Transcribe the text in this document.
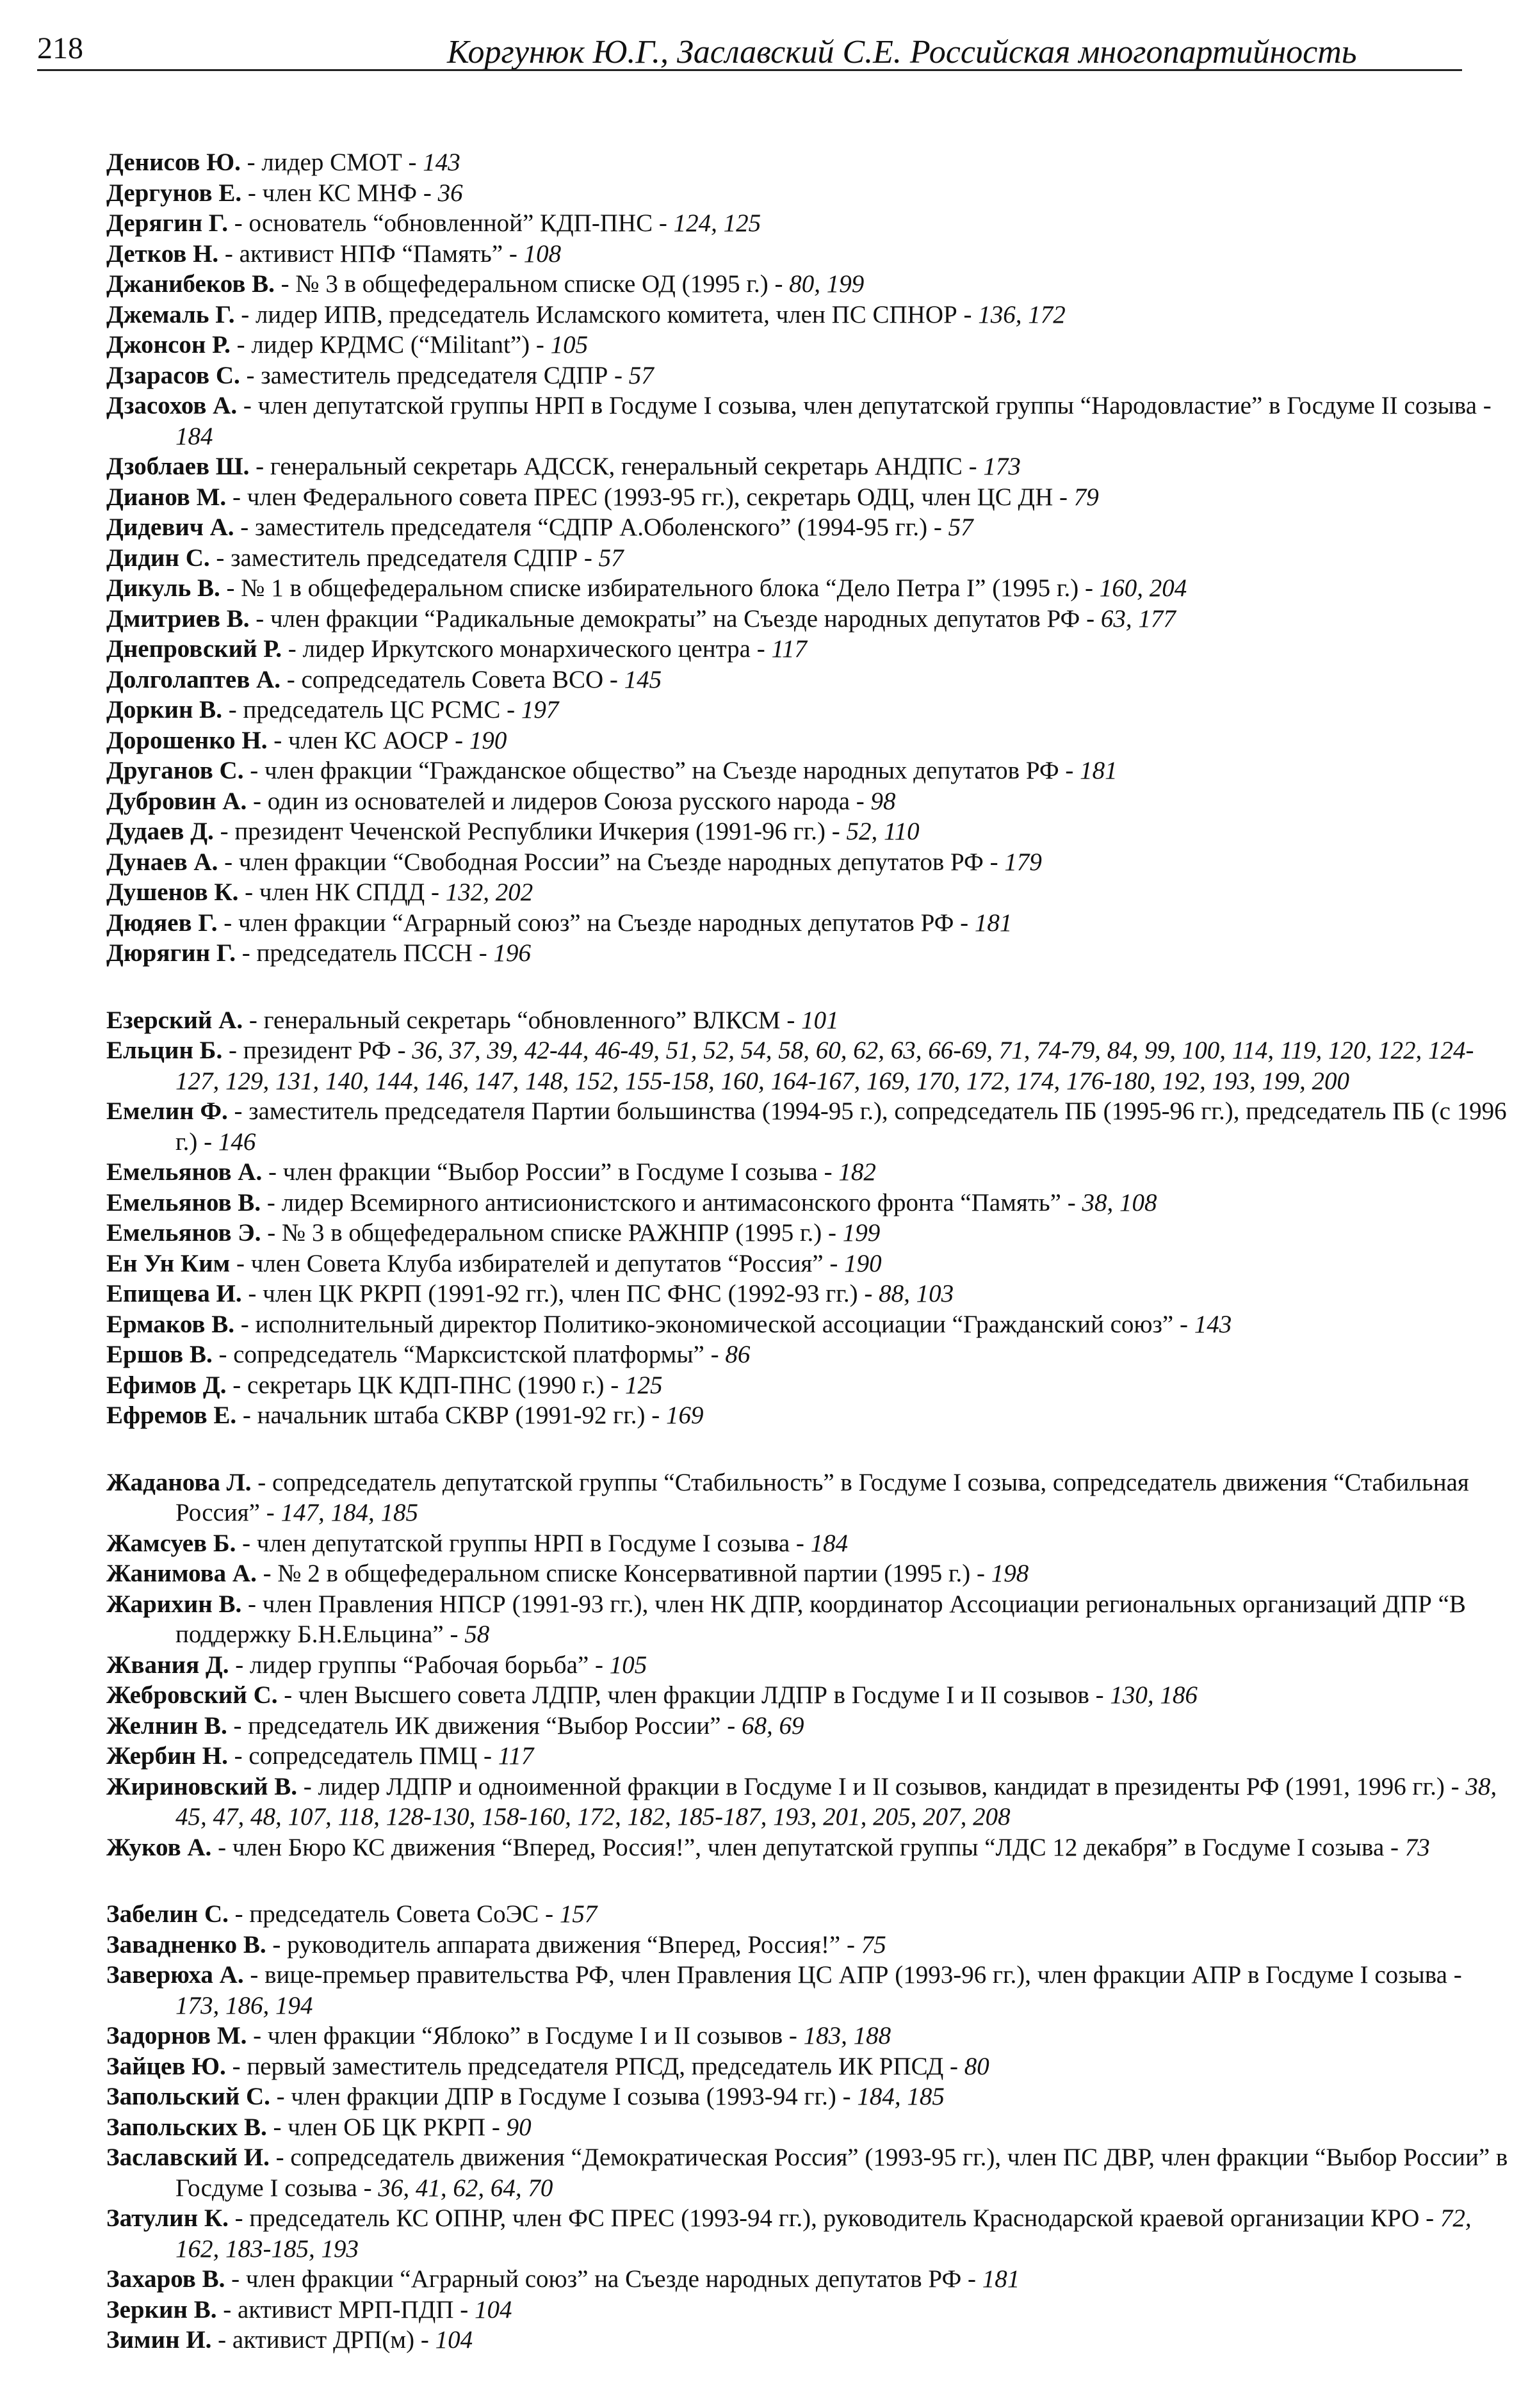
218	Коргунюк Ю.Г., Заславский С.Е. Российская многопартийность
Денисов Ю. - лидер СМОТ - 143
Дергунов Е. - член КС МНФ - 36
Дерягин Г. - основатель “обновленной” КДП-ПНС - 124, 125
Детков Н. - активист НПФ “Память” - 108
Джанибеков В. - № 3 в общефедеральном списке ОД (1995 г.) - 80, 199
Джемаль Г. - лидер ИПВ, председатель Исламского комитета, член ПС СПНОР - 136, 172
Джонсон Р. - лидер КРДМС (“Militant”) - 105
Дзарасов С. - заместитель председателя СДПР - 57
Дзасохов А. - член депутатской группы НРП в Госдуме I созыва, член депутатской группы “Народовластие” в Госдуме II созыва - 184
Дзоблаев Ш. - генеральный секретарь АДССК, генеральный секретарь АНДПС - 173
Дианов М. - член Федерального совета ПРЕС (1993-95 гг.), секретарь ОДЦ, член ЦС ДН - 79
Дидевич А. - заместитель председателя “СДПР А.Оболенского” (1994-95 гг.) - 57
Дидин С. - заместитель председателя СДПР - 57
Дикуль В. - № 1 в общефедеральном списке избирательного блока “Дело Петра I” (1995 г.) - 160, 204
Дмитриев В. - член фракции “Радикальные демократы” на Съезде народных депутатов РФ - 63, 177
Днепровский Р. - лидер Иркутского монархического центра - 117
Долголаптев А. - сопредседатель Совета ВСО - 145
Доркин В. - председатель ЦС РСМС - 197
Дорошенко Н. - член КС АОСР - 190
Друганов С. - член фракции “Гражданское общество” на Съезде народных депутатов РФ - 181
Дубровин А. - один из основателей и лидеров Союза русского народа - 98
Дудаев Д. - президент Чеченской Республики Ичкерия (1991-96 гг.) - 52, 110
Дунаев А. - член фракции “Свободная России” на Съезде народных депутатов РФ - 179
Душенов К. - член НК СПДД - 132, 202
Дюдяев Г. - член фракции “Аграрный союз” на Съезде народных депутатов РФ - 181
Дюрягин Г. - председатель ПССН - 196
Езерский А. - генеральный секретарь “обновленного” ВЛКСМ - 101
Ельцин Б. - президент РФ - 36, 37, 39, 42-44, 46-49, 51, 52, 54, 58, 60, 62, 63, 66-69, 71, 74-79, 84, 99, 100, 114, 119, 120, 122, 124-127, 129, 131, 140, 144, 146, 147, 148, 152, 155-158, 160, 164-167, 169, 170, 172, 174, 176-180, 192, 193, 199, 200
Емелин Ф. - заместитель председателя Партии большинства (1994-95 г.), сопредседатель ПБ (1995-96 гг.), председатель ПБ (с 1996 г.) - 146
Емельянов А. - член фракции “Выбор России” в Госдуме I созыва - 182
Емельянов В. - лидер Всемирного антисионистского и антимасонского фронта “Память” - 38, 108
Емельянов Э. - № 3 в общефедеральном списке РАЖНПР (1995 г.) - 199
Ен Ун Ким - член Совета Клуба избирателей и депутатов “Россия” - 190
Епищева И. - член ЦК РКРП (1991-92 гг.), член ПС ФНС (1992-93 гг.) - 88, 103
Ермаков В. - исполнительный директор Политико-экономической ассоциации “Гражданский союз” - 143
Ершов В. - сопредседатель “Марксистской платформы” - 86
Ефимов Д. - секретарь ЦК КДП-ПНС (1990 г.) - 125
Ефремов Е. - начальник штаба СКВР (1991-92 гг.) - 169
Жаданова Л. - сопредседатель депутатской группы “Стабильность” в Госдуме I созыва, сопредседатель движения “Стабильная Россия” - 147, 184, 185
Жамсуев Б. - член депутатской группы НРП в Госдуме I созыва - 184
Жанимова А. - № 2 в общефедеральном списке Консервативной партии (1995 г.) - 198
Жарихин В. - член Правления НПСР (1991-93 гг.), член НК ДПР, координатор Ассоциации региональных организаций ДПР “В поддержку Б.Н.Ельцина” - 58
Жвания Д. - лидер группы “Рабочая борьба” - 105
Жебровский С. - член Высшего совета ЛДПР, член фракции ЛДПР в Госдуме I и II созывов - 130, 186
Желнин В. - председатель ИК движения “Выбор России” - 68, 69
Жербин Н. - сопредседатель ПМЦ - 117
Жириновский В. - лидер ЛДПР и одноименной фракции в Госдуме I и II созывов, кандидат в президенты РФ (1991, 1996 гг.) - 38, 45, 47, 48, 107, 118, 128-130, 158-160, 172, 182, 185-187, 193, 201, 205, 207, 208
Жуков А. - член Бюро КС движения “Вперед, Россия!”, член депутатской группы “ЛДС 12 декабря” в Госдуме I созыва - 73
Забелин С. - председатель Совета СоЭС - 157
Завадненко В. - руководитель аппарата движения “Вперед, Россия!” - 75
Заверюха А. - вице-премьер правительства РФ, член Правления ЦС АПР (1993-96 гг.), член фракции АПР в Госдуме I созыва - 173, 186, 194
Задорнов М. - член фракции “Яблоко” в Госдуме I и II созывов - 183, 188
Зайцев Ю. - первый заместитель председателя РПСД, председатель ИК РПСД - 80
Запольский С. - член фракции ДПР в Госдуме I созыва (1993-94 гг.) - 184, 185
Запольских В. - член ОБ ЦК РКРП - 90
Заславский И. - сопредседатель движения “Демократическая Россия” (1993-95 гг.), член ПС ДВР, член фракции “Выбор России” в Госдуме I созыва - 36, 41, 62, 64, 70
Затулин К. - председатель КС ОПНР, член ФС ПРЕС (1993-94 гг.), руководитель Краснодарской краевой организации КРО - 72, 162, 183-185, 193
Захаров В. - член фракции “Аграрный союз” на Съезде народных депутатов РФ - 181
Зеркин В. - активист МРП-ПДП - 104
Зимин И. - активист ДРП(м) - 104
